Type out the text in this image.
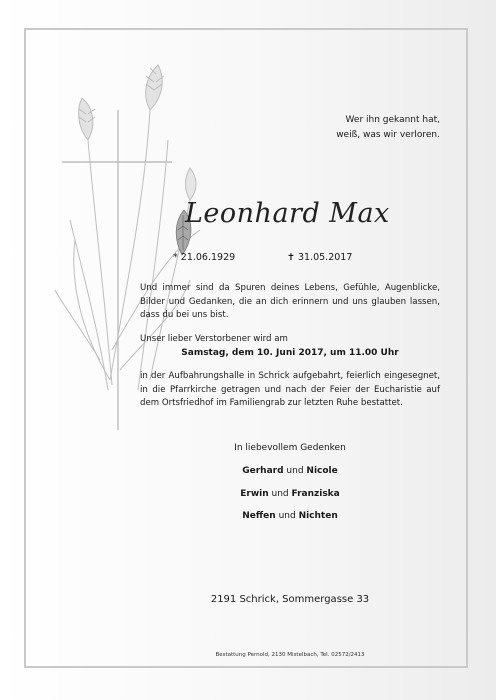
Wer ihn gekannt hat,
weiß, was wir verloren.
Leonhard Max
* 21.06.1929	✝ 31.05.2017

Und immer sind da Spuren deines Lebens, Gefühle, Augenblicke, Bilder und Gedanken, die an dich erinnern und uns glauben lassen, dass du bei uns bist.

Unser lieber Verstorbener wird am

Samstag, dem 10. Juni 2017, um 11.00 Uhr

in der Aufbahrungshalle in Schrick aufgebahrt, feierlich eingesegnet, in die Pfarrkirche getragen und nach der Feier der Eucharistie auf dem Ortsfriedhof im Familiengrab zur letzten Ruhe bestattet.

In liebevollem Gedenken
Gerhard und Nicole
Erwin und Franziska
Neffen und Nichten
2191 Schrick, Sommergasse 33
Bestattung Pernold, 2130 Mistelbach, Tel. 02572/2413
